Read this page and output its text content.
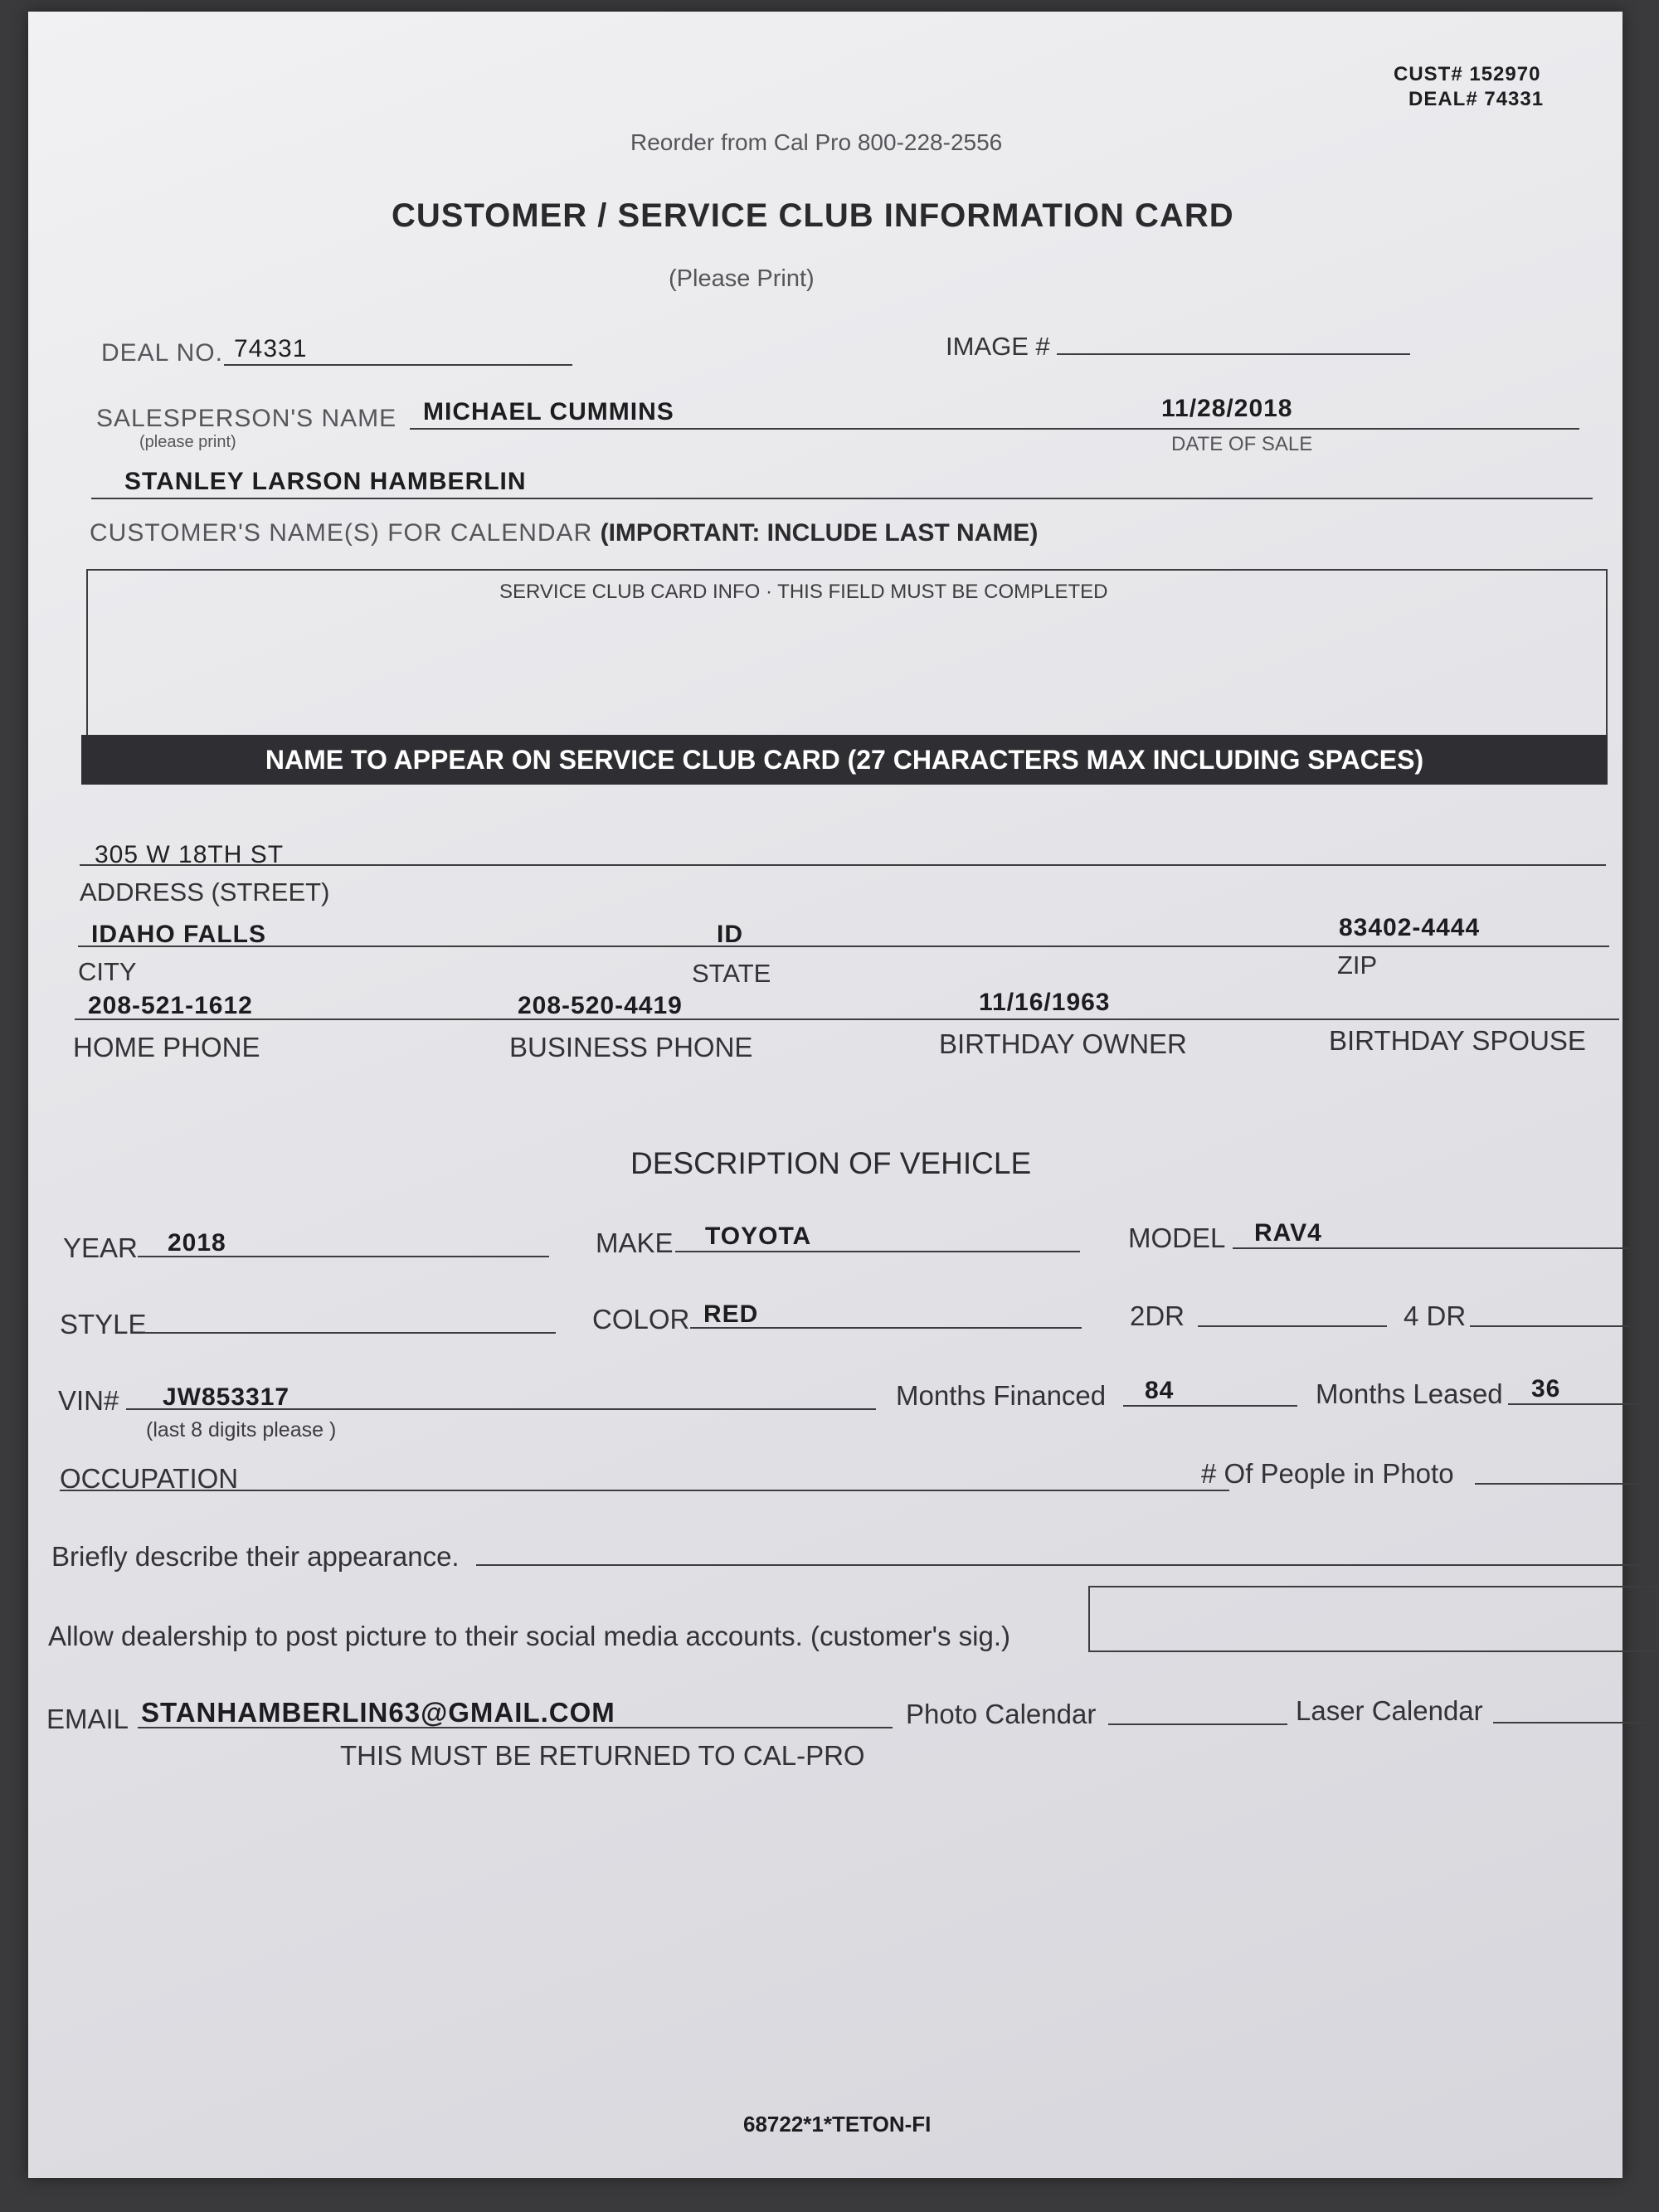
CUST# 152970
DEAL# 74331
Reorder from Cal Pro 800-228-2556
CUSTOMER / SERVICE CLUB INFORMATION CARD
(Please Print)
DEAL NO. 74331	IMAGE #
SALESPERSON'S NAME
(please print)
MICHAEL CUMMINS	11/28/2018
DATE OF SALE
STANLEY LARSON HAMBERLIN
CUSTOMER'S NAME(S) FOR CALENDAR (IMPORTANT: INCLUDE LAST NAME)
SERVICE CLUB CARD INFO · THIS FIELD MUST BE COMPLETED
NAME TO APPEAR ON SERVICE CLUB CARD (27 CHARACTERS MAX INCLUDING SPACES)
305 W 18TH ST
ADDRESS (STREET)
IDAHO FALLS	ID	83402-4444
CITY	STATE	ZIP
208-521-1612	208-520-4419	11/16/1963
HOME PHONE	BUSINESS PHONE	BIRTHDAY OWNER	BIRTHDAY SPOUSE
DESCRIPTION OF VEHICLE
YEAR 2018	MAKE TOYOTA	MODEL RAV4
STYLE	COLOR RED	2DR	4 DR
VIN# JW853317
(last 8 digits please )
Months Financed 84	Months Leased 36
OCCUPATION	# Of People in Photo
Briefly describe their appearance.
Allow dealership to post picture to their social media accounts. (customer's sig.)
EMAIL STANHAMBERLIN63@GMAIL.COM	Photo Calendar	Laser Calendar
THIS MUST BE RETURNED TO CAL-PRO
68722*1*TETON-FI
